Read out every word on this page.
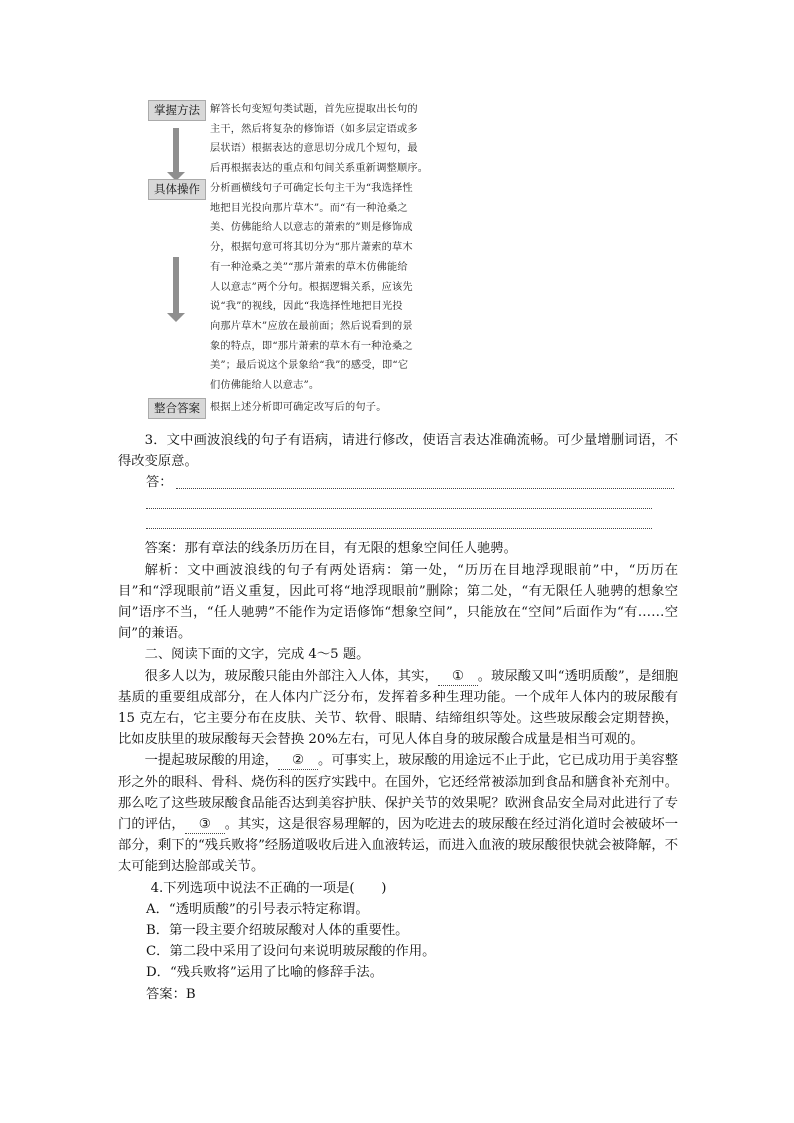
掌握方法 解答长句变短句类试题，首先应提取出长句的
主干，然后将复杂的修饰语（如多层定语或多
层状语）根据表达的意思切分成几个短句，最
后再根据表达的重点和句间关系重新调整顺序。
具体操作 分析画横线句子可确定长句主干为“我选择性
地把目光投向那片草木”。而“有一种沧桑之
美、仿佛能给人以意志的萧索的”则是修饰成
分，根据句意可将其切分为“那片萧索的草木
有一种沧桑之美”“那片萧索的草木仿佛能给
人以意志”两个分句。根据逻辑关系，应该先
说“我”的视线，因此“我选择性地把目光投
向那片草木”应放在最前面；然后说看到的景
象的特点，即“那片萧索的草木有一种沧桑之
美”；最后说这个景象给“我”的感受，即“它
们仿佛能给人以意志”。
整合答案 根据上述分析即可确定改写后的句子。

3．文中画波浪线的句子有语病，请进行修改，使语言表达准确流畅。可少量增删词语，不得改变原意。

答：

答案：那有章法的线条历历在目，有无限的想象空间任人驰骋。

解析：文中画波浪线的句子有两处语病：第一处，“历历在目地浮现眼前”中，“历历在目”和“浮现眼前”语义重复，因此可将“地浮现眼前”删除；第二处，“有无限任人驰骋的想象空间”语序不当，“任人驰骋”不能作为定语修饰“想象空间”，只能放在“空间”后面作为“有……空间”的兼语。

二、阅读下面的文字，完成 4～5 题。

很多人以为，玻尿酸只能由外部注入人体，其实， ① 。玻尿酸又叫“透明质酸”，是细胞基质的重要组成部分，在人体内广泛分布，发挥着多种生理功能。一个成年人体内的玻尿酸有 15 克左右，它主要分布在皮肤、关节、软骨、眼睛、结缔组织等处。这些玻尿酸会定期替换，比如皮肤里的玻尿酸每天会替换 20%左右，可见人体自身的玻尿酸合成量是相当可观的。

一提起玻尿酸的用途， ② 。可事实上，玻尿酸的用途远不止于此，它已成功用于美容整形之外的眼科、骨科、烧伤科的医疗实践中。在国外，它还经常被添加到食品和膳食补充剂中。那么吃了这些玻尿酸食品能否达到美容护肤、保护关节的效果呢？欧洲食品安全局对此进行了专门的评估， ③ 。其实，这是很容易理解的，因为吃进去的玻尿酸在经过消化道时会被破坏一部分，剩下的“残兵败将”经肠道吸收后进入血液转运，而进入血液的玻尿酸很快就会被降解，不太可能到达脸部或关节。

4.下列选项中说法不正确的一项是(　　)

A．“透明质酸”的引号表示特定称谓。

B．第一段主要介绍玻尿酸对人体的重要性。

C．第二段中采用了设问句来说明玻尿酸的作用。

D．“残兵败将”运用了比喻的修辞手法。

答案：B
